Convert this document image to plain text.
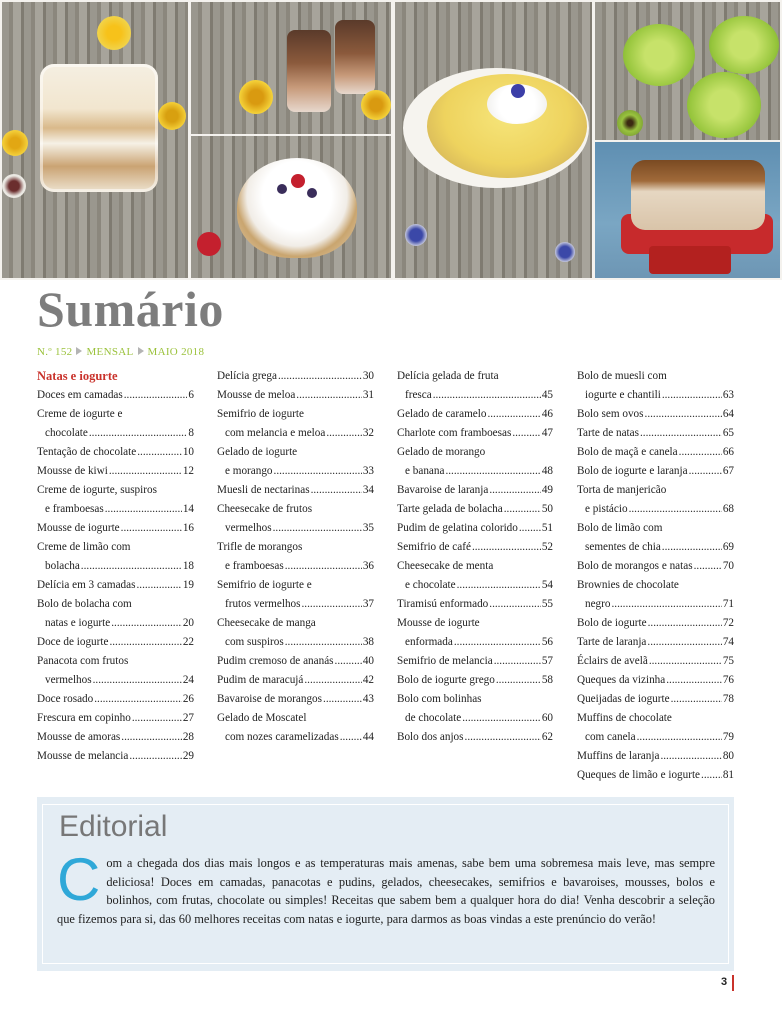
Sumário
N.º 152 MENSAL MAIO 2018
Natas e iogurte
Doces em camadas .....	6
Creme de iogurte e
chocolate .....	8
Tentação de chocolate .....	10
Mousse de kiwi .....	12
Creme de iogurte, suspiros
e framboesas .....	14
Mousse de iogurte .....	16
Creme de limão com
bolacha .....	18
Delícia em 3 camadas .....	19
Bolo de bolacha com
natas e iogurte .....	20
Doce de iogurte .....	22
Panacota com frutos
vermelhos .....	24
Doce rosado .....	26
Frescura em copinho .....	27
Mousse de amoras .....	28
Mousse de melancia .....	29
Delícia grega .....	30
Mousse de meloa .....	31
Semifrio de iogurte
com melancia e meloa .....	32
Gelado de iogurte
e morango .....	33
Muesli de nectarinas .....	34
Cheesecake de frutos
vermelhos .....	35
Trifle de morangos
e framboesas .....	36
Semifrio de iogurte e
frutos vermelhos .....	37
Cheesecake de manga
com suspiros .....	38
Pudim cremoso de ananás .....	40
Pudim de maracujá .....	42
Bavaroise de morangos .....	43
Gelado de Moscatel
com nozes caramelizadas ..... 44
Delícia gelada de fruta
fresca .....	45
Gelado de caramelo .....	46
Charlote com framboesas .....	47
Gelado de morango
e banana .....	48
Bavaroise de laranja .....	49
Tarte gelada de bolacha .....	50
Pudim de gelatina colorido ..... 51
Semifrio de café .....	52
Cheesecake de menta
e chocolate .....	54
Tiramisú enformado .....	55
Mousse de iogurte
enformada .....	56
Semifrio de melancia .....	57
Bolo de iogurte grego .....	58
Bolo com bolinhas
de chocolate .....	60
Bolo dos anjos .....	62
Bolo de muesli com
iogurte e chantili .....	63
Bolo sem ovos .....	64
Tarte de natas .....	65
Bolo de maçã e canela .....	66
Bolo de iogurte e laranja .....	67
Torta de manjericão
e pistácio .....	68
Bolo de limão com
sementes de chia .....	69
Bolo de morangos e natas .....	70
Brownies de chocolate
negro .....	71
Bolo de iogurte .....	72
Tarte de laranja .....	74
Éclairs de avelã .....	75
Queques da vizinha .....	76
Queijadas de iogurte .....	78
Muffins de chocolate
com canela .....	79
Muffins de laranja .....	80
Queques de limão e iogurte ..... 81
Editorial
Com a chegada dos dias mais longos e as temperaturas mais amenas, sabe bem uma sobremesa mais leve, mas sempre deliciosa! Doces em camadas, panacotas e pudins, gelados, cheesecakes, semifrios e bavaroises, mousses, bolos e bolinhos, com frutas, chocolate ou simples! Receitas que sabem bem a qualquer hora do dia! Venha descobrir a seleção que fizemos para si, das 60 melhores receitas com natas e iogurte, para darmos as boas vindas a este prenúncio do verão!
3
